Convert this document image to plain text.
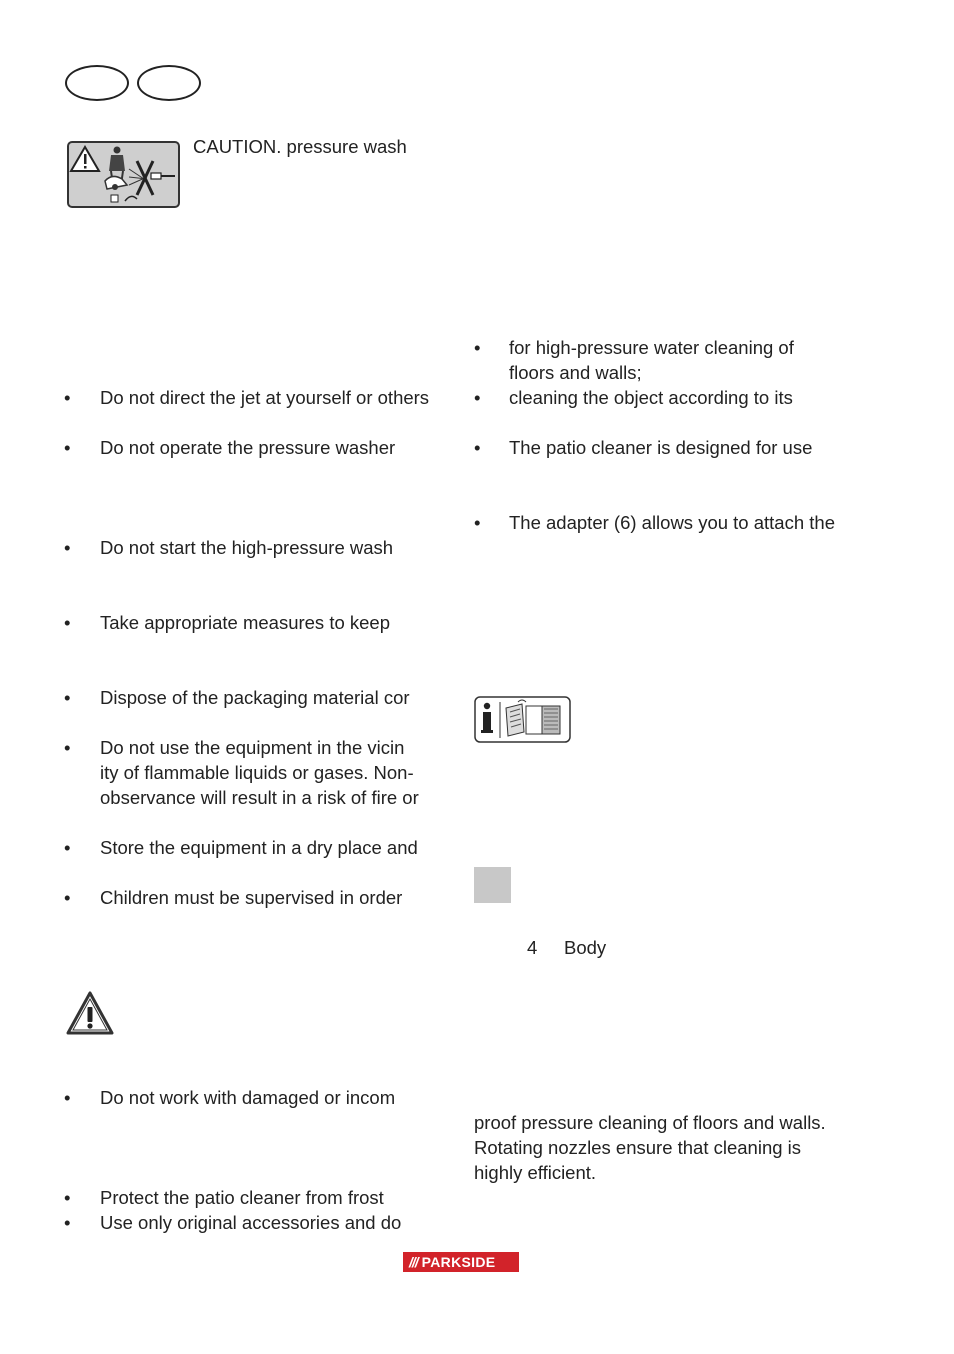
CAUTION. pressure wash
•	Do not direct the jet at yourself or others
•	Do not operate the pressure washer
•	Do not start the high-pressure wash
•	Take appropriate measures to keep
•	Dispose of the packaging material cor
•	Do not use the equipment in the vicin
ity of flammable liquids or gases. Non-
observance will result in a risk of fire or
•	Store the equipment in a dry place and
•	Children must be supervised in order
•	Do not work with damaged or incom
•	Protect the patio cleaner from frost
•	Use only original accessories and do
•	for high-pressure water cleaning of
floors and walls;
•	cleaning the object according to its
•	The patio cleaner is designed for use
•	The adapter (6) allows you to attach the
4 Body
proof pressure cleaning of floors and walls.
Rotating nozzles ensure that cleaning is
highly efficient.
/// PARKSIDE
